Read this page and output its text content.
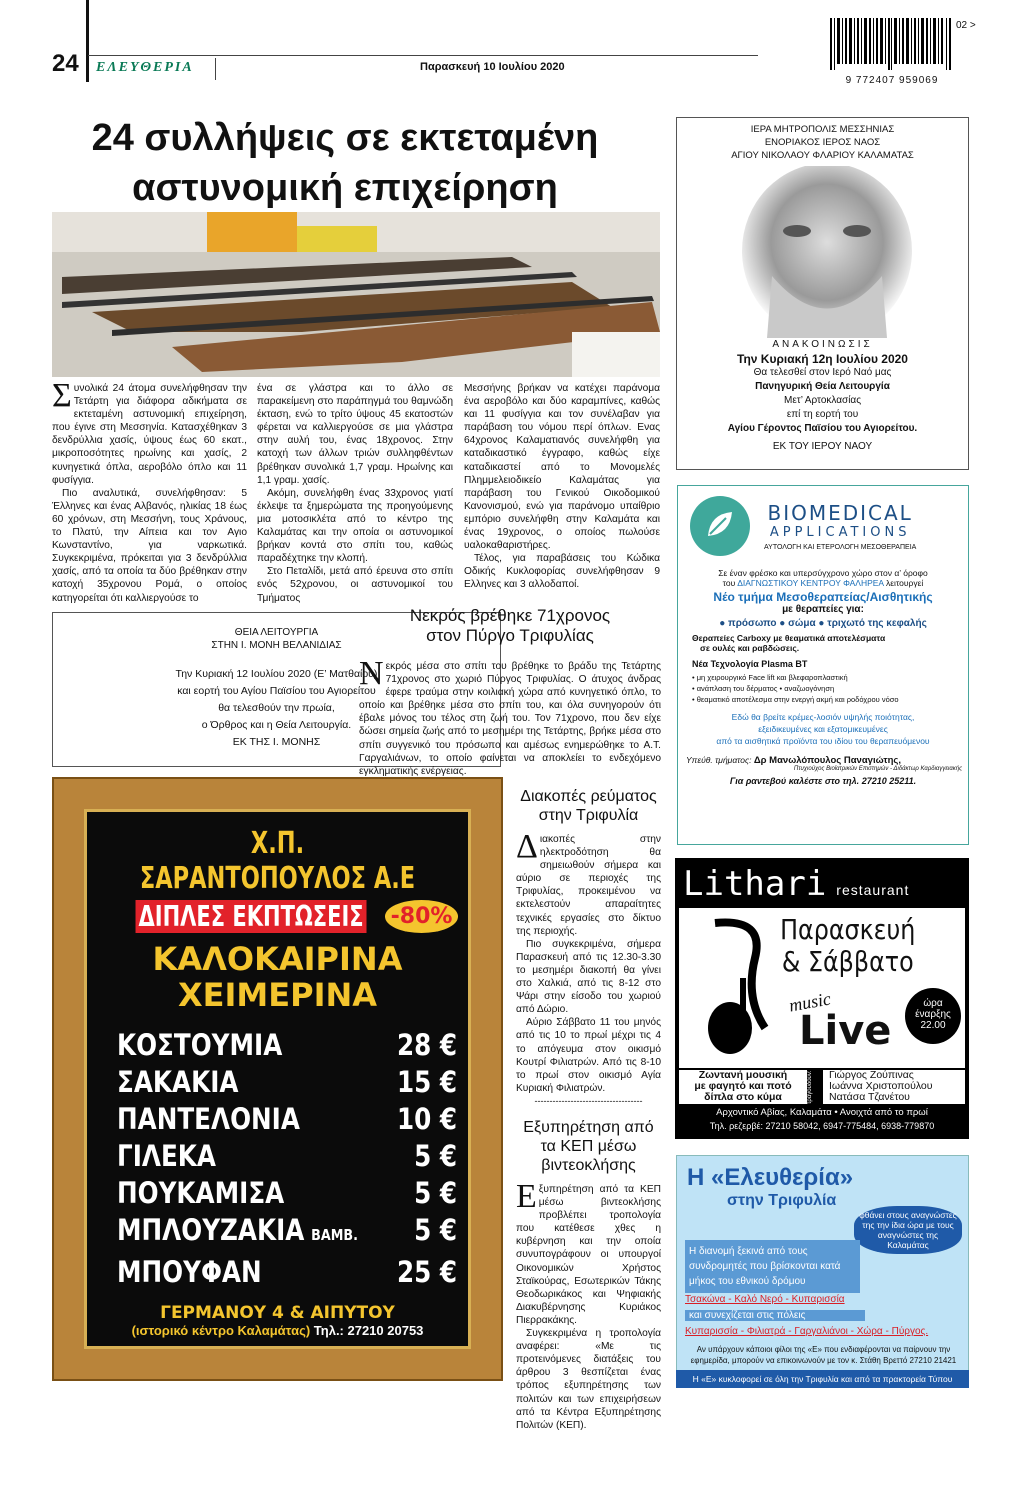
24 ΕΛΕΥΘΕΡΙΑ	Παρασκευή 10 Ιουλίου 2020
9 772407 959069
02 >
24 συλλήψεις σε εκτεταμένη αστυνομική επιχείρηση
Συνολικά 24 άτομα συνελήφθησαν την Τετάρτη για διάφορα αδικήματα σε εκτεταμένη αστυνομική επιχείρηση, που έγινε στη Μεσσηνία. Κατασχέθηκαν 3 δενδρύλλια χασίς, ύψους έως 60 εκατ., μικροποσότητες ηρωίνης και χασίς, 2 κυνηγετικά όπλα, αεροβόλο όπλο και 11 φυσίγγια.
Πιο αναλυτικά, συνελήφθησαν: 5 Έλληνες και ένας Αλβανός, ηλικίας 18 έως 60 χρόνων, στη Μεσσήνη, τους Χράνους, το Πλατύ, την Αίπεια και τον Αγιο Κωνσταντίνο, για ναρκωτικά. Συγκεκριμένα, πρόκειται για 3 δενδρύλλια χασίς, από τα οποία τα δύο βρέθηκαν στην κατοχή 35χρονου Ρομά, ο οποίος κατηγορείται ότι καλλιεργούσε το
ένα σε γλάστρα και το άλλο σε παρακείμενη στο παράπηγμά του θαμνώδη έκταση, ενώ το τρίτο ύψους 45 εκατοστών φέρεται να καλλιεργούσε σε μια γλάστρα στην αυλή του, ένας 18χρονος. Στην κατοχή των άλλων τριών συλληφθέντων βρέθηκαν συνολικά 1,7 γραμ. Ηρωίνης και 1,1 γραμ. χασίς.
Ακόμη, συνελήφθη ένας 33χρονος γιατί έκλεψε τα ξημερώματα της προηγούμενης μια μοτοσικλέτα από το κέντρο της Καλαμάτας και την οποία οι αστυνομικοί βρήκαν κοντά στο σπίτι του, καθώς παραδέχτηκε την κλοπή.
Στο Πεταλίδι, μετά από έρευνα στο σπίτι ενός 52χρονου, οι αστυνομικοί του Τμήματος
Μεσσήνης βρήκαν να κατέχει παράνομα ένα αεροβόλο και δύο καραμπίνες, καθώς και 11 φυσίγγια και τον συνέλαβαν για παράβαση του νόμου περί όπλων. Ενας 64χρονος Καλαματιανός συνελήφθη για καταδικαστικό έγγραφο, καθώς είχε καταδικαστεί από το Μονομελές Πλημμελειοδικείο Καλαμάτας για παράβαση του Γενικού Οικοδομικού Κανονισμού, ενώ για παράνομο υπαίθριο εμπόριο συνελήφθη στην Καλαμάτα και ένας 19χρονος, ο οποίος πωλούσε υαλοκαθαριστήρες.
Τέλος, για παραβάσεις του Κώδικα Οδικής Κυκλοφορίας συνελήφθησαν 9 Ελληνες και 3 αλλοδαποί.
ΙΕΡΑ ΜΗΤΡΟΠΟΛΙΣ ΜΕΣΣΗΝΙΑΣ
ΕΝΟΡΙΑΚΟΣ ΙΕΡΟΣ ΝΑΟΣ
ΑΓΙΟΥ ΝΙΚΟΛΑΟΥ ΦΛΑΡΙΟΥ ΚΑΛΑΜΑΤΑΣ
ΑΝΑΚΟΙΝΩΣΙΣ
Την Κυριακή 12η Ιουλίου 2020
Θα τελεσθεί στον Ιερό Ναό μας
Πανηγυρική Θεία Λειτουργία
Μετ’ Αρτοκλασίας
επί τη εορτή του
Αγίου Γέροντος Παϊσίου του Αγιορείτου.
ΕΚ ΤΟΥ ΙΕΡΟΥ ΝΑΟΥ
ΘΕΙΑ ΛΕΙΤΟΥΡΓΙΑ
ΣΤΗΝ Ι. ΜΟΝΗ ΒΕΛΑΝΙΔΙΑΣ
Την Κυριακή 12 Ιουλίου 2020 (Ε’ Ματθαίου)
και εορτή του Αγίου Παϊσίου του Αγιορείτου
θα τελεσθούν την πρωία,
ο Όρθρος και η Θεία Λειτουργία.
ΕΚ ΤΗΣ Ι. ΜΟΝΗΣ
Νεκρός βρέθηκε 71χρονος στον Πύργο Τριφυλίας
Νεκρός μέσα στο σπίτι του βρέθηκε το βράδυ της Τετάρτης 71χρονος στο χωριό Πύργος Τριφυλίας. Ο άτυχος άνδρας έφερε τραύμα στην κοιλιακή χώρα από κυνηγετικό όπλο, το οποίο και βρέθηκε μέσα στο σπίτι του, και όλα συνηγορούν ότι έβαλε μόνος του τέλος στη ζωή του. Τον 71χρονο, που δεν είχε δώσει σημεία ζωής από το μεσημέρι της Τετάρτης, βρήκε μέσα στο σπίτι συγγενικό του πρόσωπο και αμέσως ενημερώθηκε το Α.Τ. Γαργαλιάνων, το οποίο φαίνεται να αποκλείει το ενδεχόμενο εγκληματικής ενέργειας.
Χ.Π. ΣΑΡΑΝΤΟΠΟΥΛΟΣ Α.Ε
ΔΙΠΛΕΣ ΕΚΠΤΩΣΕΙΣ -80%
ΚΑΛΟΚΑΙΡΙΝΑ
ΧΕΙΜΕΡΙΝΑ
ΚΟΣΤΟΥΜΙΑ	28 €
ΣΑΚΑΚΙΑ	15 €
ΠΑΝΤΕΛΟΝΙΑ	10 €
ΓΙΛΕΚΑ	5 €
ΠΟΥΚΑΜΙΣΑ	5 €
ΜΠΛΟΥΖΑΚΙΑ ΒΑΜΒ. 5 €
ΜΠΟΥΦΑΝ	25 €
ΓΕΡΜΑΝΟΥ 4 & ΑΙΠΥΤΟΥ
(ιστορικό κέντρο Καλαμάτας) Τηλ.: 27210 20753
Διακοπές ρεύματος στην Τριφυλία
Διακοπές στην ηλεκτροδότηση θα σημειωθούν σήμερα και αύριο σε περιοχές της Τριφυλίας, προκειμένου να εκτελεστούν απαραίτητες τεχνικές εργασίες στο δίκτυο της περιοχής.
Πιο συγκεκριμένα, σήμερα Παρασκευή από τις 12.30-3.30 το μεσημέρι διακοπή θα γίνει στο Χαλκιά, από τις 8-12 στο Ψάρι στην είσοδο του χωριού από Δώριο.
Αύριο Σάββατο 11 του μηνός από τις 10 το πρωί μέχρι τις 4 το απόγευμα στον οικισμό Κουτρί Φιλιατρών. Από τις 8-10 το πρωί στον οικισμό Αγία Κυριακή Φιλιατρών.
------------------------------------
Εξυπηρέτηση από τα ΚΕΠ μέσω βιντεοκλήσης
Εξυπηρέτηση από τα ΚΕΠ μέσω βιντεοκλήσης προβλέπει τροπολογία που κατέθεσε χθες η κυβέρνηση και την οποία συνυπογράφουν οι υπουργοί Οικονομικών Χρήστος Σταϊκούρας, Εσωτερικών Τάκης Θεοδωρικάκος και Ψηφιακής Διακυβέρνησης Κυριάκος Πιερρακάκης.
Συγκεκριμένα η τροπολογία αναφέρει: «Με τις προτεινόμενες διατάξεις του άρθρου 3 θεσπίζεται ένας τρόπος εξυπηρέτησης των πολιτών και των επιχειρήσεων από τα Κέντρα Εξυπηρέτησης Πολιτών (ΚΕΠ).
BIOMEDICAL
APPLICATIONS
ΑΥΤΟΛΟΓΗ ΚΑΙ ΕΤΕΡΟΛΟΓΗ ΜΕΣΟΘΕΡΑΠΕΙΑ
Σε έναν φρέσκο και υπερσύγχρονο χώρο στον α’ όροφο
του ΔΙΑΓΝΩΣΤΙΚΟΥ ΚΕΝΤΡΟΥ ΦΑΛΗΡΕΑ λειτουργεί
Νέο τμήμα Μεσοθεραπείας/Αισθητικής
με θεραπείες για:
● πρόσωπο ● σώμα ● τριχωτό της κεφαλής
Θεραπείες Carboxy με θεαματικά αποτελέσματα
σε ουλές και ραβδώσεις.
Νέα Τεχνολογία Plasma BT
• μη χειρουργικό Face lift και βλεφαροπλαστική
• ανάπλαση του δέρματος • αναζωογόνηση
• θεαματικό αποτέλεσμα στην ενεργή ακμή και ροδόχρου νόσο
Εδώ θα βρείτε κρέμες-λοσιόν υψηλής ποιότητας,
εξειδικευμένες και εξατομικευμένες
από τα αισθητικά προϊόντα του ιδίου του θεραπευόμενου
Υπεύθ. τμήματος: Δρ Μανωλόπουλος Παναγιώτης,
Πτυχιούχος Βιοϊατρικών Επιστημών - Διδάκτωρ Καρδιαγγειακής
Για ραντεβού καλέστε στο τηλ. 27210 25211.
Lithari restaurant
Παρασκευή
& Σάββατο
music
Live
ώρα έναρξης
22.00
Ζωντανή μουσική
με φαγητό και ποτό
δίπλα στο κύμα	τραγουδούν:	Γιώργος Ζούπινας
Ιωάννα Χριστοπούλου
Νατάσα Τζανέτου
Αρχοντικό Αβίας, Καλαμάτα • Ανοιχτά από το πρωί
Τηλ. ρεζερβέ: 27210 58042, 6947-775484, 6938-779870
Η «Ελευθερία»
στην Τριφυλία
φθάνει στους αναγνώστες της την ίδια ώρα με τους αναγνώστες της Καλαμάτας
Η διανομή ξεκινά από τους συνδρομητές που βρίσκονται κατά μήκος του εθνικού δρόμου
Τσακώνα - Καλό Νερό - Κυπαρισσία
και συνεχίζεται στις πόλεις
Κυπαρισσία - Φιλιατρά - Γαργαλιάνοι - Χώρα - Πύργος.
Αν υπάρχουν κάποιοι φίλοι της «Ε» που ενδιαφέρονται να παίρνουν την εφημερίδα, μπορούν να επικοινωνούν με τον κ. Στάθη Βρεττό 27210 21421
Η «Ε» κυκλοφορεί σε όλη την Τριφυλία και από τα πρακτορεία Τύπου
